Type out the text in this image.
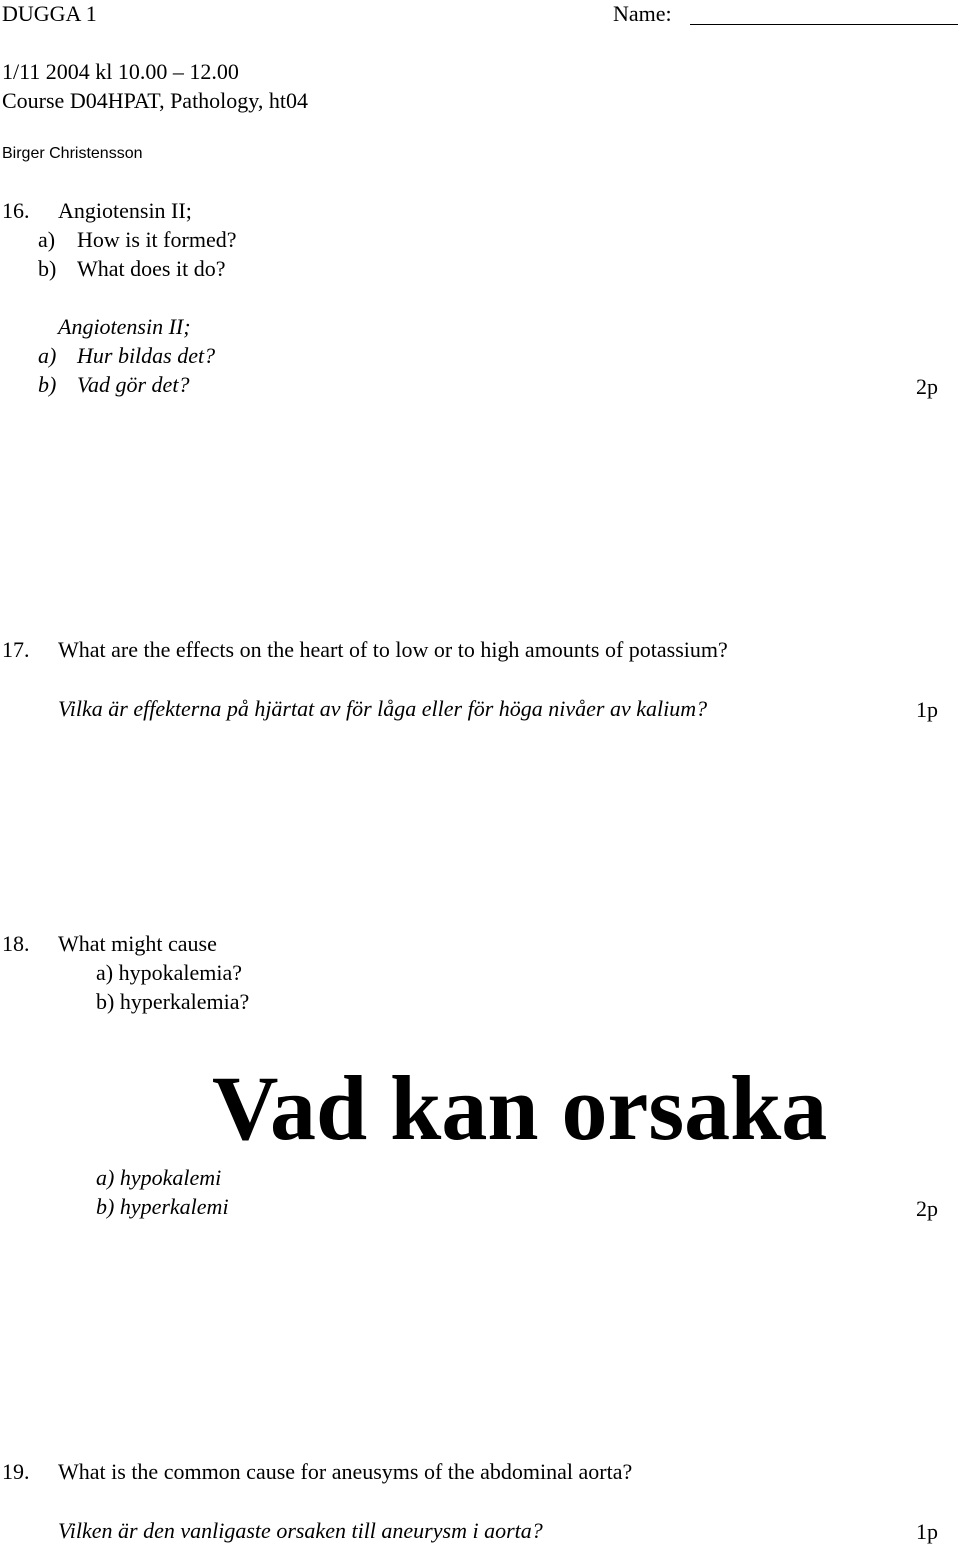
DUGGA 1	Name:
1/11 2004 kl 10.00 – 12.00
Course D04HPAT, Pathology, ht04
Birger Christensson
16. Angiotensin II;
a) How is it formed?
b) What does it do?
Angiotensin II;
a) Hur bildas det?
b) Vad gör det?	2p
17. What are the effects on the heart of to low or to high amounts of potassium?
Vilka är effekterna på hjärtat av för låga eller för höga nivåer av kalium?	1p
18. What might cause
a) hypokalemia?
b) hyperkalemia?
Vad kan orsaka
a) hypokalemi
b) hyperkalemi	2p
19. What is the common cause for aneusyms of the abdominal aorta?
Vilken är den vanligaste orsaken till aneurysm i aorta?	1p
